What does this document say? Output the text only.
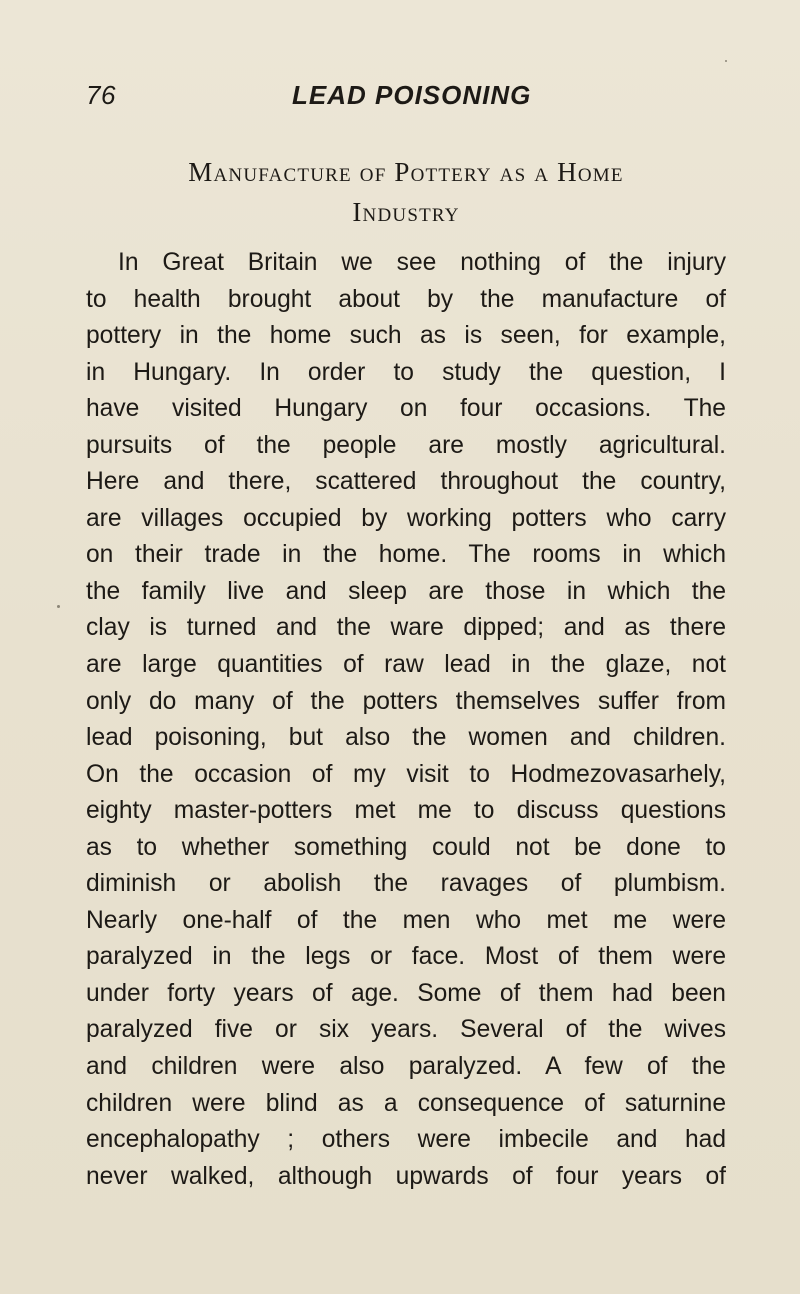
76	LEAD POISONING
Manufacture of Pottery as a Home
Industry
In Great Britain we see nothing of the injury
to health brought about by the manufacture of
pottery in the home such as is seen, for example,
in Hungary. In order to study the question, I
have visited Hungary on four occasions. The
pursuits of the people are mostly agricultural.
Here and there, scattered throughout the country,
are villages occupied by working potters who carry
on their trade in the home. The rooms in which
the family live and sleep are those in which the
clay is turned and the ware dipped; and as there
are large quantities of raw lead in the glaze, not
only do many of the potters themselves suffer from
lead poisoning, but also the women and children.
On the occasion of my visit to Hodmezovasarhely,
eighty master-potters met me to discuss questions
as to whether something could not be done to
diminish or abolish the ravages of plumbism.
Nearly one-half of the men who met me were
paralyzed in the legs or face. Most of them were
under forty years of age. Some of them had been
paralyzed five or six years. Several of the wives
and children were also paralyzed. A few of the
children were blind as a consequence of saturnine
encephalopathy ; others were imbecile and had
never walked, although upwards of four years of
